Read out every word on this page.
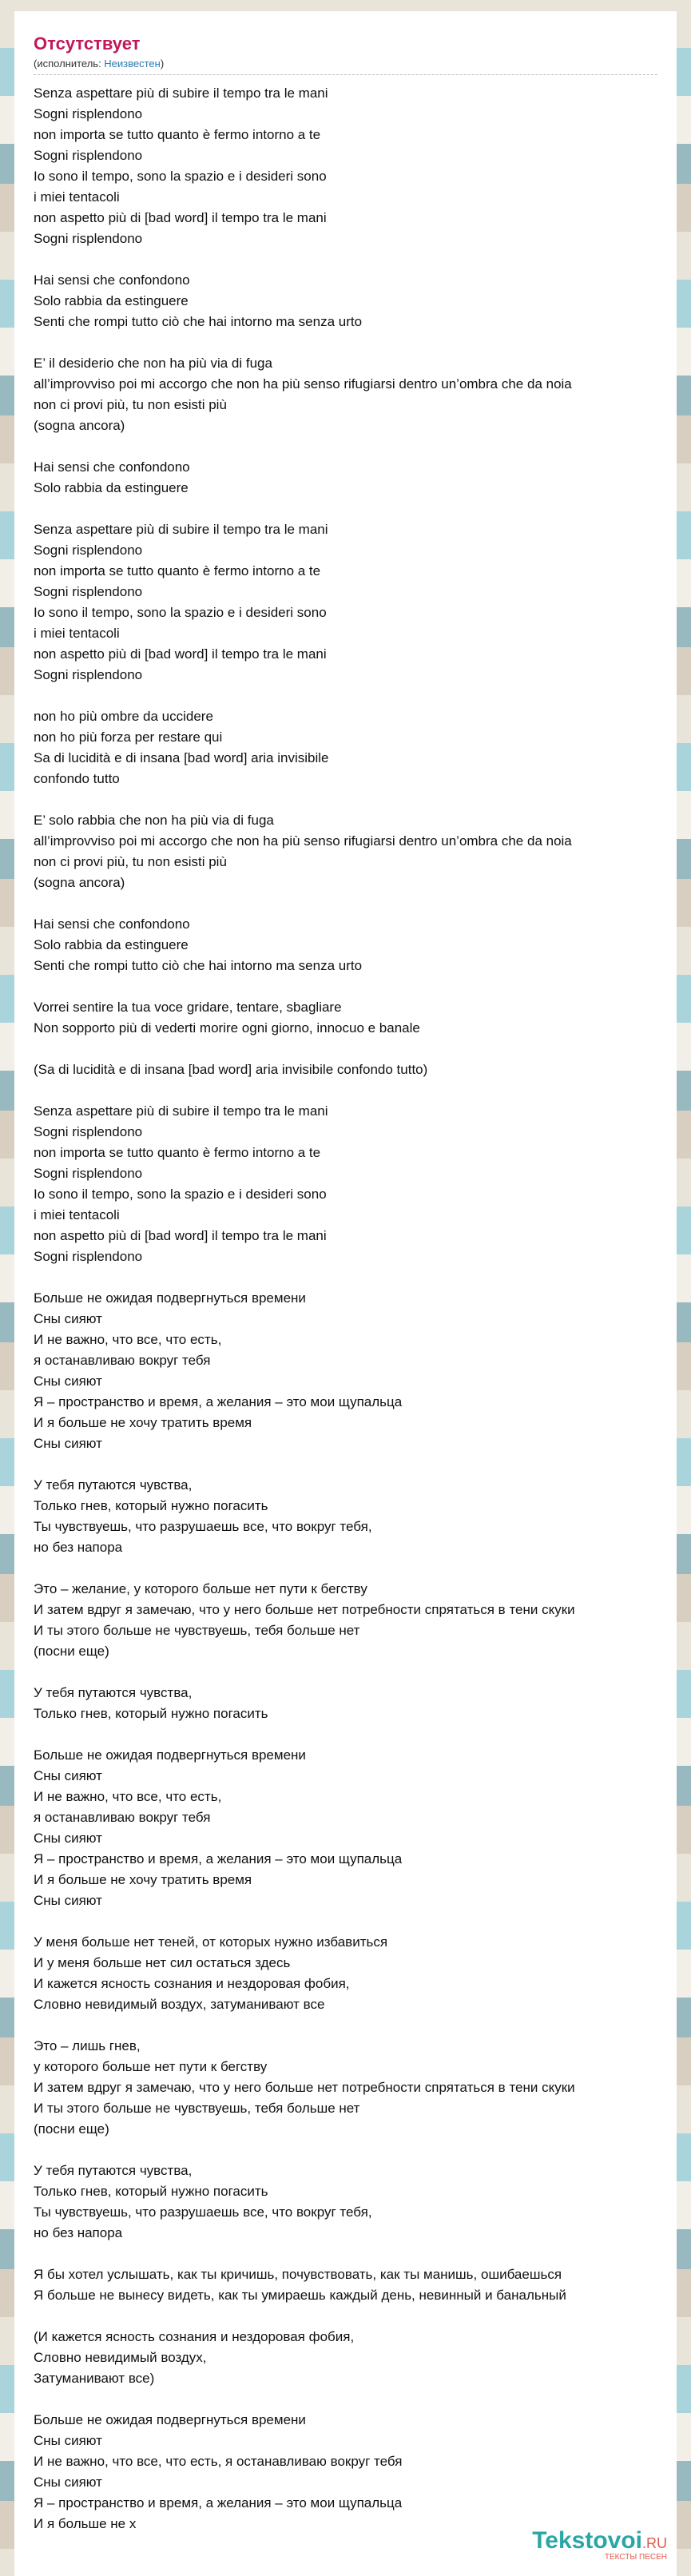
Отсутствует
(исполнитель: Неизвестен)
Senza aspettare più di subire il tempo tra le mani
Sogni risplendono
non importa se tutto quanto è fermo intorno a te
Sogni risplendono
Io sono il tempo, sono la spazio e i desideri sono
i miei tentacoli
non aspetto più di [bad word] il tempo tra le mani
Sogni risplendono

Hai sensi che confondono
Solo rabbia da estinguere
Senti che rompi tutto ciò che hai intorno ma senza urto

E’ il desiderio che non ha più via di fuga
all’improvviso poi mi accorgo che non ha più senso rifugiarsi dentro un’ombra che da noia
non ci provi più, tu non esisti più
(sogna ancora)

Hai sensi che confondono
Solo rabbia da estinguere

Senza aspettare più di subire il tempo tra le mani
Sogni risplendono
non importa se tutto quanto è fermo intorno a te
Sogni risplendono
Io sono il tempo, sono la spazio e i desideri sono
i miei tentacoli
non aspetto più di [bad word] il tempo tra le mani
Sogni risplendono

non ho più ombre da uccidere
non ho più forza per restare qui
Sa di lucidità e di insana [bad word] aria invisibile
confondo tutto

E’ solo rabbia che non ha più via di fuga
all’improvviso poi mi accorgo che non ha più senso rifugiarsi dentro un’ombra che da noia
non ci provi più, tu non esisti più
(sogna ancora)

Hai sensi che confondono
Solo rabbia da estinguere
Senti che rompi tutto ciò che hai intorno ma senza urto

Vorrei sentire la tua voce gridare, tentare, sbagliare
Non sopporto più di vederti morire ogni giorno, innocuo e banale

(Sa di lucidità e di insana [bad word] aria invisibile confondo tutto)

Senza aspettare più di subire il tempo tra le mani
Sogni risplendono
non importa se tutto quanto è fermo intorno a te
Sogni risplendono
Io sono il tempo, sono la spazio e i desideri sono
i miei tentacoli
non aspetto più di [bad word] il tempo tra le mani
Sogni risplendono

Больше не ожидая подвергнуться времени
Сны сияют
И не важно, что все, что есть,
я останавливаю вокруг тебя
Сны сияют
Я – пространство и время, а желания – это мои щупальца
И я больше не хочу тратить время
Сны сияют

У тебя путаются чувства,
Только гнев, который нужно погасить
Ты чувствуешь, что разрушаешь все, что вокруг тебя,
но без напора

Это – желание, у которого больше нет пути к бегству
И затем вдруг я замечаю, что у него больше нет потребности спрятаться в тени скуки
И ты этого больше не чувствуешь, тебя больше нет
(посни еще)

У тебя путаются чувства,
Только гнев, который нужно погасить

Больше не ожидая подвергнуться времени
Сны сияют
И не важно, что все, что есть,
я останавливаю вокруг тебя
Сны сияют
Я – пространство и время, а желания – это мои щупальца
И я больше не хочу тратить время
Сны сияют

У меня больше нет теней, от которых нужно избавиться
И у меня больше нет сил остаться здесь
И кажется ясность сознания и нездоровая фобия,
Словно невидимый воздух, затуманивают все

Это – лишь гнев,
у которого больше нет пути к бегству
И затем вдруг я замечаю, что у него больше нет потребности спрятаться в тени скуки
И ты этого больше не чувствуешь, тебя больше нет
(посни еще)

У тебя путаются чувства,
Только гнев, который нужно погасить
Ты чувствуешь, что разрушаешь все, что вокруг тебя,
но без напора

Я бы хотел услышать, как ты кричишь, почувствовать, как ты манишь, ошибаешься
Я больше не вынесу видеть, как ты умираешь каждый день, невинный и банальный

(И кажется ясность сознания и нездоровая фобия,
Словно невидимый воздух,
Затуманивают все)

Больше не ожидая подвергнуться времени
Сны сияют
И не важно, что все, что есть, я останавливаю вокруг тебя
Сны сияют
Я – пространство и время, а желания – это мои щупальца
И я больше не х
Tekstovoi.RU
ТЕКСТЫ ПЕСЕН
